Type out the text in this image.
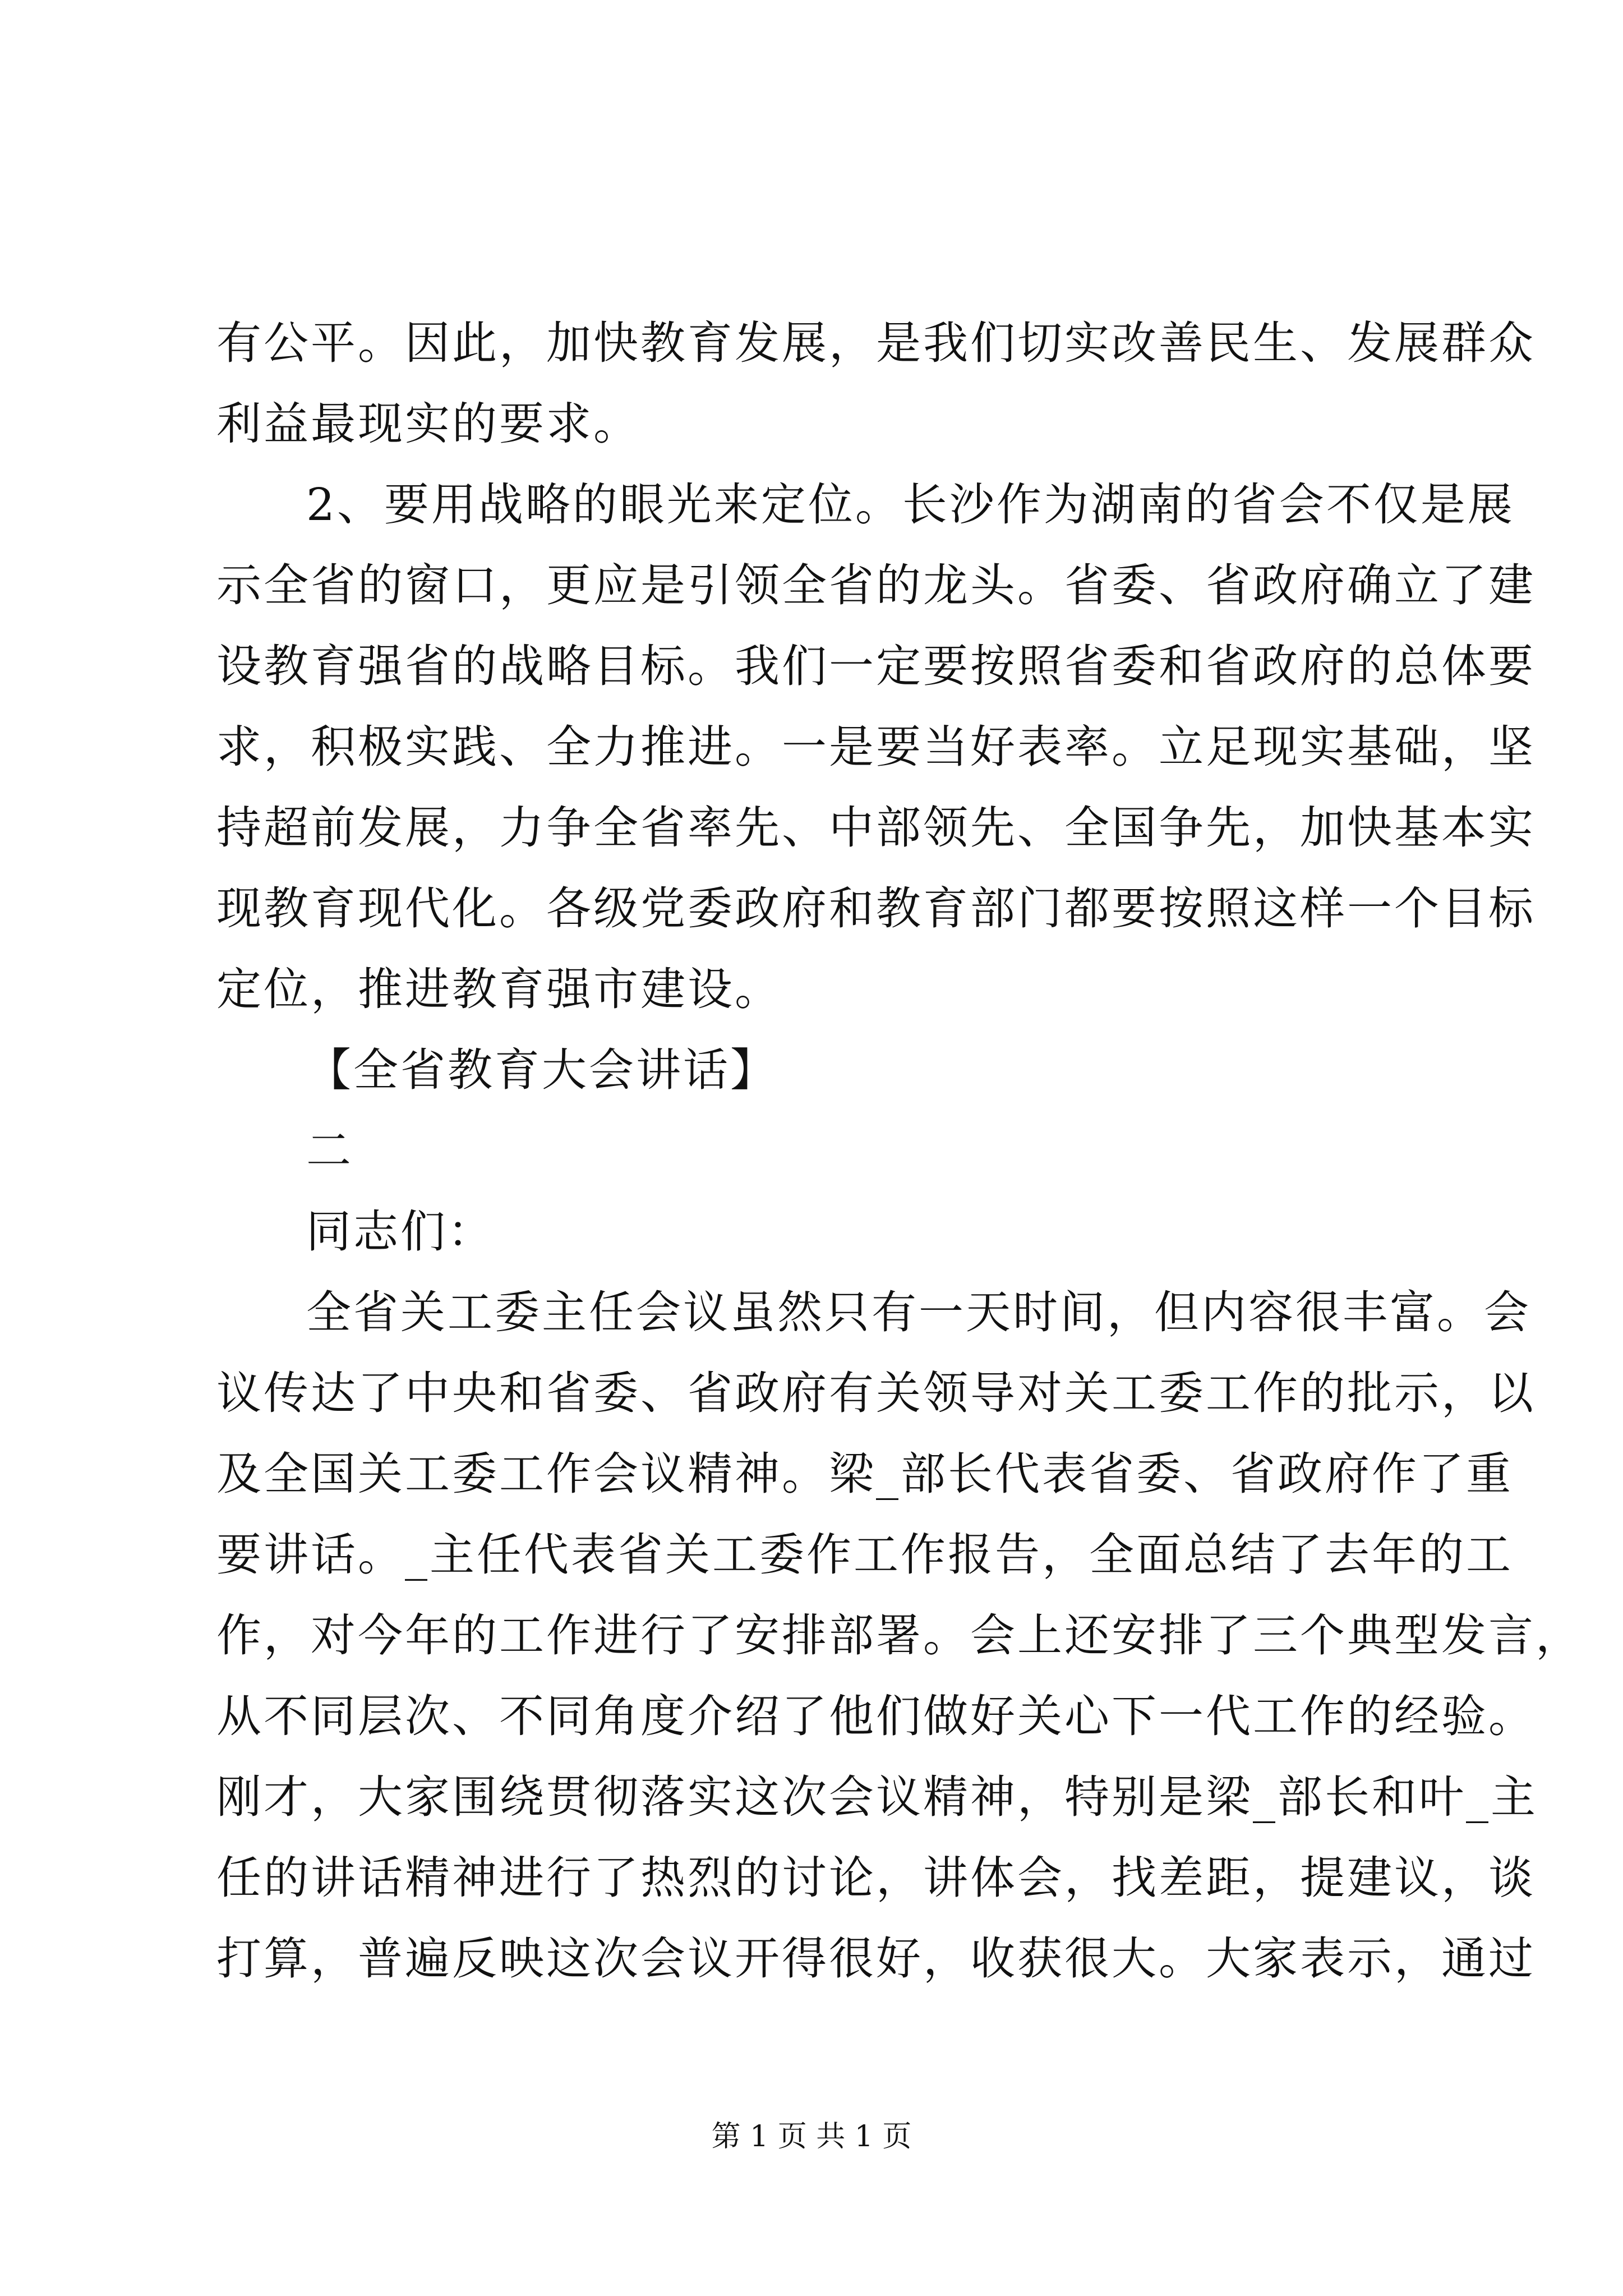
有公平。因此，加快教育发展，是我们切实改善民生、发展群众
利益最现实的要求。
2、要用战略的眼光来定位。长沙作为湖南的省会不仅是展
示全省的窗口，更应是引领全省的龙头。省委、省政府确立了建
设教育强省的战略目标。我们一定要按照省委和省政府的总体要
求，积极实践、全力推进。一是要当好表率。立足现实基础，坚
持超前发展，力争全省率先、中部领先、全国争先，加快基本实
现教育现代化。各级党委政府和教育部门都要按照这样一个目标
定位，推进教育强市建设。
【全省教育大会讲话】
二
同志们：
全省关工委主任会议虽然只有一天时间，但内容很丰富。会
议传达了中央和省委、省政府有关领导对关工委工作的批示，以
及全国关工委工作会议精神。梁_部长代表省委、省政府作了重
要讲话。_主任代表省关工委作工作报告，全面总结了去年的工
作，对今年的工作进行了安排部署。会上还安排了三个典型发言，
从不同层次、不同角度介绍了他们做好关心下一代工作的经验。
刚才，大家围绕贯彻落实这次会议精神，特别是梁_部长和叶_主
任的讲话精神进行了热烈的讨论，讲体会，找差距，提建议，谈
打算，普遍反映这次会议开得很好，收获很大。大家表示，通过
第 1 页 共 1 页
